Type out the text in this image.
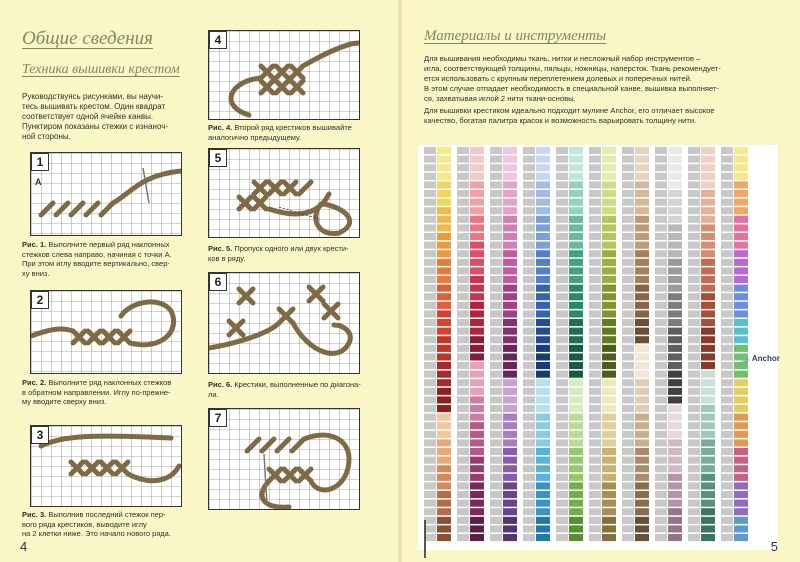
Общие сведения
Техника вышивки крестом
Руководствуясь рисунками, вы научи-
тесь вышивать крестом. Один квадрат
соответствует одной ячейке канвы.
Пунктиром показаны стежки с изнаноч-
ной стороны.
1
A
Рис. 1. Выполните первый ряд наклонных
стежков слева направо, начиная с точки А.
При этом иглу вводите вертикально, свер-
ху вниз.
2
Рис. 2. Выполните ряд наклонных стежков
в обратном направлении. Иглу по-прежне-
му вводите сверху вниз.
3
Рис. 3. Выполнив последний стежок пер-
вого ряда крестиков, выводите иглу
на 2 клетки ниже. Это начало нового ряда.
4
Рис. 4. Второй ряд крестиков вышивайте
аналогично предыдущему.
5
Рис. 5. Пропуск одного или двух крести-
ков в ряду.
6
Рис. 6. Крестики, выполненные по диагона-
ли.
7
4
Материалы и инструменты
Для вышивания необходимы ткань, нитки и несложный набор инструментов –
игла, соответствующей толщины, пяльцы, ножницы, наперсток. Ткань рекомендует-
ется использовать с крупным переплетением долевых и поперечных нитей.
В этом случае отпадает необходимость в специальной канве, вышивка выполняет-
ся, захватывая иглой 2 нити ткани-основы.
Для вышивки крестиком идеально подходит мулине Anchor, его отличает высокое
качество, богатая палитра красок и возможность варьировать толщину нити.
⚓ Anchor
5
